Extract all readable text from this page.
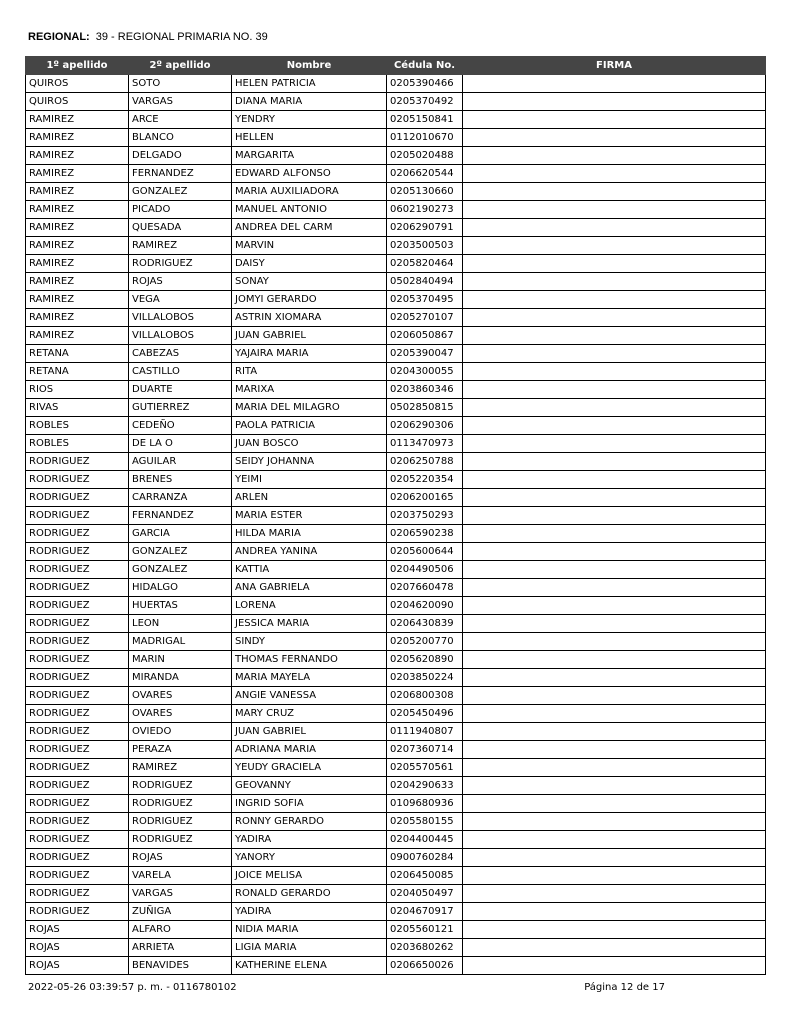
REGIONAL: 39 - REGIONAL PRIMARIA NO. 39
1º apellido	2º apellido	Nombre	Cédula No.	FIRMA
QUIROS	SOTO	HELEN PATRICIA	0205390466	
QUIROS	VARGAS	DIANA MARIA	0205370492	
RAMIREZ	ARCE	YENDRY	0205150841	
RAMIREZ	BLANCO	HELLEN	0112010670	
RAMIREZ	DELGADO	MARGARITA	0205020488	
RAMIREZ	FERNANDEZ	EDWARD ALFONSO	0206620544	
RAMIREZ	GONZALEZ	MARIA AUXILIADORA	0205130660	
RAMIREZ	PICADO	MANUEL ANTONIO	0602190273	
RAMIREZ	QUESADA	ANDREA DEL CARM	0206290791	
RAMIREZ	RAMIREZ	MARVIN	0203500503	
RAMIREZ	RODRIGUEZ	DAISY	0205820464	
RAMIREZ	ROJAS	SONAY	0502840494	
RAMIREZ	VEGA	JOMYI GERARDO	0205370495	
RAMIREZ	VILLALOBOS	ASTRIN XIOMARA	0205270107	
RAMIREZ	VILLALOBOS	JUAN GABRIEL	0206050867	
RETANA	CABEZAS	YAJAIRA MARIA	0205390047	
RETANA	CASTILLO	RITA	0204300055	
RIOS	DUARTE	MARIXA	0203860346	
RIVAS	GUTIERREZ	MARIA DEL MILAGRO	0502850815	
ROBLES	CEDEÑO	PAOLA PATRICIA	0206290306	
ROBLES	DE LA O	JUAN BOSCO	0113470973	
RODRIGUEZ	AGUILAR	SEIDY JOHANNA	0206250788	
RODRIGUEZ	BRENES	YEIMI	0205220354	
RODRIGUEZ	CARRANZA	ARLEN	0206200165	
RODRIGUEZ	FERNANDEZ	MARIA ESTER	0203750293	
RODRIGUEZ	GARCIA	HILDA MARIA	0206590238	
RODRIGUEZ	GONZALEZ	ANDREA YANINA	0205600644	
RODRIGUEZ	GONZALEZ	KATTIA	0204490506	
RODRIGUEZ	HIDALGO	ANA GABRIELA	0207660478	
RODRIGUEZ	HUERTAS	LORENA	0204620090	
RODRIGUEZ	LEON	JESSICA MARIA	0206430839	
RODRIGUEZ	MADRIGAL	SINDY	0205200770	
RODRIGUEZ	MARIN	THOMAS FERNANDO	0205620890	
RODRIGUEZ	MIRANDA	MARIA MAYELA	0203850224	
RODRIGUEZ	OVARES	ANGIE VANESSA	0206800308	
RODRIGUEZ	OVARES	MARY CRUZ	0205450496	
RODRIGUEZ	OVIEDO	JUAN GABRIEL	0111940807	
RODRIGUEZ	PERAZA	ADRIANA MARIA	0207360714	
RODRIGUEZ	RAMIREZ	YEUDY GRACIELA	0205570561	
RODRIGUEZ	RODRIGUEZ	GEOVANNY	0204290633	
RODRIGUEZ	RODRIGUEZ	INGRID SOFIA	0109680936	
RODRIGUEZ	RODRIGUEZ	RONNY GERARDO	0205580155	
RODRIGUEZ	RODRIGUEZ	YADIRA	0204400445	
RODRIGUEZ	ROJAS	YANORY	0900760284	
RODRIGUEZ	VARELA	JOICE MELISA	0206450085	
RODRIGUEZ	VARGAS	RONALD GERARDO	0204050497	
RODRIGUEZ	ZUÑIGA	YADIRA	0204670917	
ROJAS	ALFARO	NIDIA MARIA	0205560121	
ROJAS	ARRIETA	LIGIA MARIA	0203680262	
ROJAS	BENAVIDES	KATHERINE ELENA	0206650026	
2022-05-26 03:39:57 p. m. - 0116780102	Página 12 de 17
